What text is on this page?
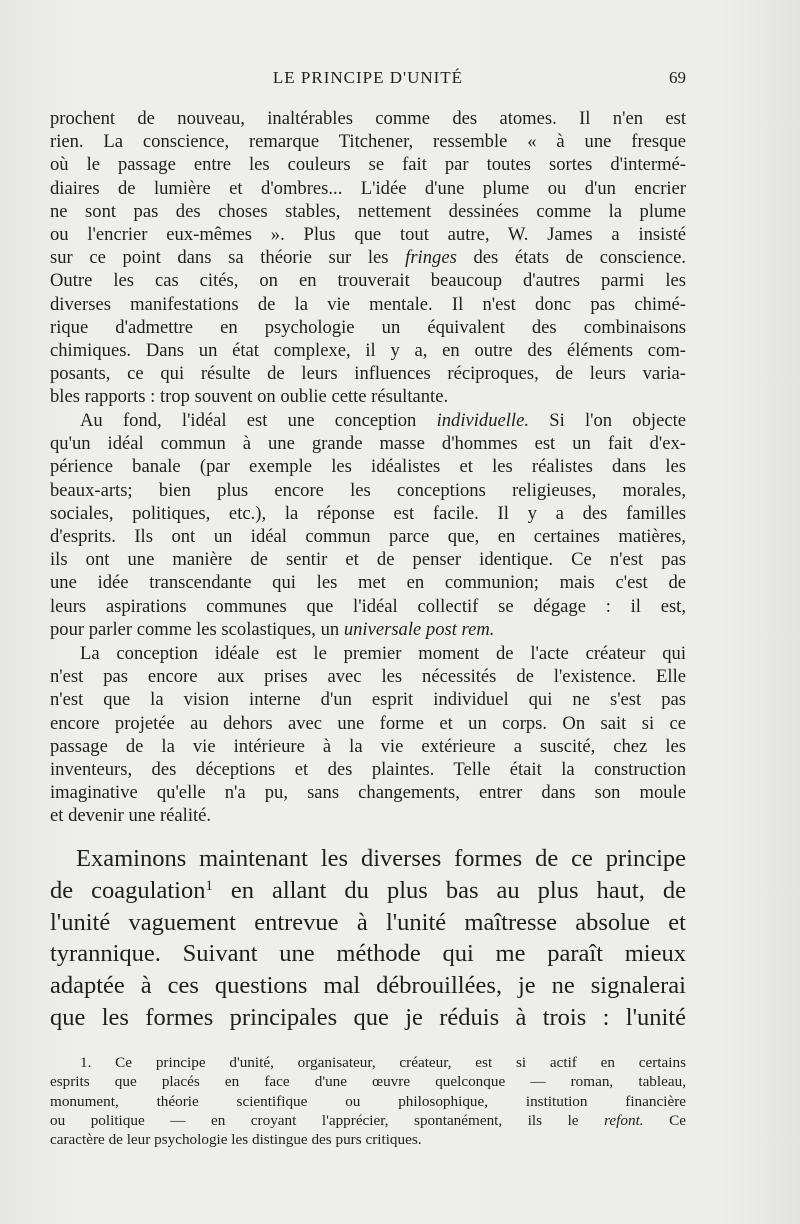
LE PRINCIPE D'UNITÉ	69
prochent de nouveau, inaltérables comme des atomes. Il n'en est
rien. La conscience, remarque Titchener, ressemble « à une fresque
où le passage entre les couleurs se fait par toutes sortes d'intermé-
diaires de lumière et d'ombres... L'idée d'une plume ou d'un encrier
ne sont pas des choses stables, nettement dessinées comme la plume
ou l'encrier eux-mêmes ». Plus que tout autre, W. James a insisté
sur ce point dans sa théorie sur les fringes des états de conscience.
Outre les cas cités, on en trouverait beaucoup d'autres parmi les
diverses manifestations de la vie mentale. Il n'est donc pas chimé-
rique d'admettre en psychologie un équivalent des combinaisons
chimiques. Dans un état complexe, il y a, en outre des éléments com-
posants, ce qui résulte de leurs influences réciproques, de leurs varia-
bles rapports : trop souvent on oublie cette résultante.
Au fond, l'idéal est une conception individuelle. Si l'on objecte
qu'un idéal commun à une grande masse d'hommes est un fait d'ex-
périence banale (par exemple les idéalistes et les réalistes dans les
beaux-arts; bien plus encore les conceptions religieuses, morales,
sociales, politiques, etc.), la réponse est facile. Il y a des familles
d'esprits. Ils ont un idéal commun parce que, en certaines matières,
ils ont une manière de sentir et de penser identique. Ce n'est pas
une idée transcendante qui les met en communion; mais c'est de
leurs aspirations communes que l'idéal collectif se dégage : il est,
pour parler comme les scolastiques, un universale post rem.
La conception idéale est le premier moment de l'acte créateur qui
n'est pas encore aux prises avec les nécessités de l'existence. Elle
n'est que la vision interne d'un esprit individuel qui ne s'est pas
encore projetée au dehors avec une forme et un corps. On sait si ce
passage de la vie intérieure à la vie extérieure a suscité, chez les
inventeurs, des déceptions et des plaintes. Telle était la construction
imaginative qu'elle n'a pu, sans changements, entrer dans son moule
et devenir une réalité.
Examinons maintenant les diverses formes de ce principe
de coagulation$^1$ en allant du plus bas au plus haut, de
l'unité vaguement entrevue à l'unité maîtresse absolue et
tyrannique. Suivant une méthode qui me paraît mieux
adaptée à ces questions mal débrouillées, je ne signalerai
que les formes principales que je réduis à trois : l'unité
1. Ce principe d'unité, organisateur, créateur, est si actif en certains
esprits que placés en face d'une œuvre quelconque — roman, tableau,
monument, théorie scientifique ou philosophique, institution financière
ou politique — en croyant l'apprécier, spontanément, ils le refont. Ce
caractère de leur psychologie les distingue des purs critiques.
